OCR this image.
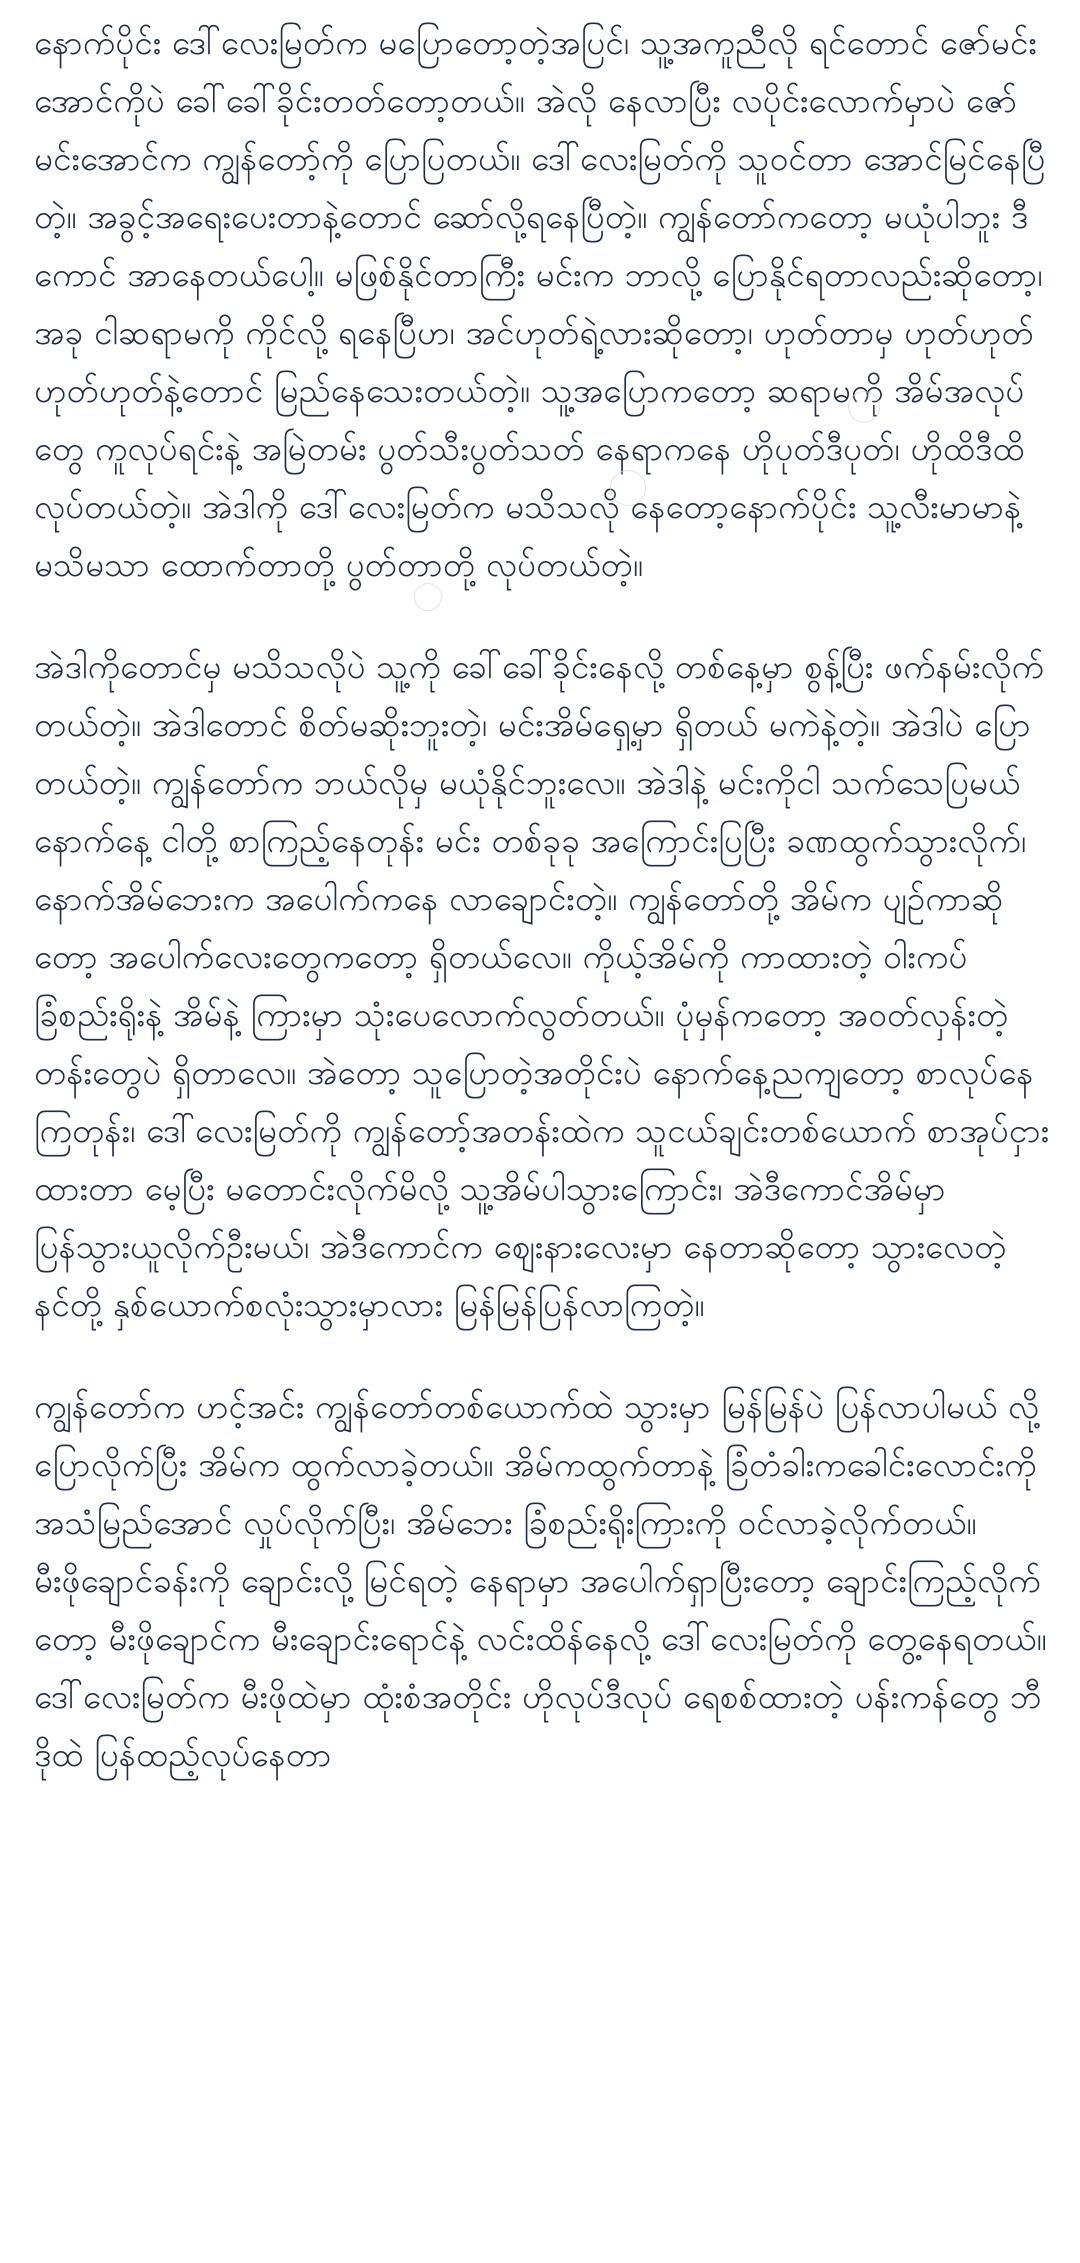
နောက်ပိုင်း ဒေါ်လေးမြတ်က မပြောတော့တဲ့အပြင်၊ သူ့အကူညီလို ရင်တောင် ဇော်မင်းအောင်ကိုပဲ ခေါ်ခေါ်ခိုင်းတတ်တော့တယ်။ အဲလို နေလာပြီး လပိုင်းလောက်မှာပဲ ဇော်မင်းအောင်က ကျွန်တော့်ကို ပြောပြတယ်။ ဒေါ်လေးမြတ်ကို သူဝင်တာ အောင်မြင်နေပြီတဲ့။ အခွင့်အရေးပေးတာနဲ့တောင် ဆော်လို့ရနေပြီတဲ့။ ကျွန်တော်ကတော့ မယုံပါဘူး ဒီကောင် အာနေတယ်ပေါ့။ မဖြစ်နိုင်တာကြီး မင်းက ဘာလို့ ပြောနိုင်ရတာလည်းဆိုတော့၊ အခု ငါဆရာမကို ကိုင်လို့ ရနေပြီဟ၊ အင်ဟုတ်ရဲ့လားဆိုတော့၊ ဟုတ်တာမှ ဟုတ်ဟုတ်ဟုတ်ဟုတ်နဲ့တောင် မြည်နေသေးတယ်တဲ့။ သူ့အပြောကတော့ ဆရာမကို အိမ်အလုပ်တွေ ကူလုပ်ရင်းနဲ့ အမြဲတမ်း ပွတ်သီးပွတ်သတ် နေရာကနေ ဟိုပုတ်ဒီပုတ်၊ ဟိုထိဒီထိလုပ်တယ်တဲ့။ အဲဒါကို ဒေါ်လေးမြတ်က မသိသလို နေတော့နောက်ပိုင်း သူ့လီးမာမာနဲ့ မသိမသာ ထောက်တာတို့ ပွတ်တာတို့ လုပ်တယ်တဲ့။

အဲဒါကိုတောင်မှ မသိသလိုပဲ သူ့ကို ခေါ်ခေါ်ခိုင်းနေလို့ တစ်နေ့မှာ စွန့်ပြီး ဖက်နမ်းလိုက်တယ်တဲ့။ အဲဒါတောင် စိတ်မဆိုးဘူးတဲ့၊ မင်းအိမ်ရှေ့မှာ ရှိတယ် မကဲနဲ့တဲ့။ အဲဒါပဲ ပြောတယ်တဲ့။ ကျွန်တော်က ဘယ်လိုမှ မယုံနိုင်ဘူးလေ။ အဲဒါနဲ့ မင်းကိုငါ သက်သေပြမယ် နောက်နေ့ ငါတို့ စာကြည့်နေတုန်း မင်း တစ်ခုခု အကြောင်းပြပြီး ခဏထွက်သွားလိုက်၊ နောက်အိမ်ဘေးက အပေါက်ကနေ လာချောင်းတဲ့။ ကျွန်တော်တို့ အိမ်က ပျဉ်ကာဆိုတော့ အပေါက်လေးတွေကတော့ ရှိတယ်လေ။ ကိုယ့်အိမ်ကို ကာထားတဲ့ ဝါးကပ်ခြံစည်းရိုးနဲ့ အိမ်နဲ့ ကြားမှာ သုံးပေလောက်လွတ်တယ်။ ပုံမှန်ကတော့ အဝတ်လှန်းတဲ့ တန်းတွေပဲ ရှိတာလေ။ အဲတော့ သူပြောတဲ့အတိုင်းပဲ နောက်နေ့ညကျတော့ စာလုပ်နေကြတုန်း၊ ဒေါ်လေးမြတ်ကို ကျွန်တော့်အတန်းထဲက သူငယ်ချင်းတစ်ယောက် စာအုပ်ငှားထားတာ မေ့ပြီး မတောင်းလိုက်မိလို့ သူ့အိမ်ပါသွားကြောင်း၊ အဲဒီကောင်အိမ်မှာ ပြန်သွားယူလိုက်ဦးမယ်၊ အဲဒီကောင်က ဈေးနားလေးမှာ နေတာဆိုတော့ သွားလေတဲ့ နင်တို့ နှစ်ယောက်စလုံးသွားမှာလား မြန်မြန်ပြန်လာကြတဲ့။

ကျွန်တော်က ဟင့်အင်း ကျွန်တော်တစ်ယောက်ထဲ သွားမှာ မြန်မြန်ပဲ ပြန်လာပါမယ် လို့ ပြောလိုက်ပြီး အိမ်က ထွက်လာခဲ့တယ်။ အိမ်ကထွက်တာနဲ့ ခြံတံခါးကခေါင်းလောင်းကို အသံမြည်အောင် လှုပ်လိုက်ပြီး၊ အိမ်ဘေး ခြံစည်းရိုးကြားကို ဝင်လာခဲ့လိုက်တယ်။ မီးဖိုချောင်ခန်းကို ချောင်းလို့ မြင်ရတဲ့ နေရာမှာ အပေါက်ရှာပြီးတော့ ချောင်းကြည့်လိုက်တော့ မီးဖိုချောင်က မီးချောင်းရောင်နဲ့ လင်းထိန်နေလို့ ဒေါ်လေးမြတ်ကို တွေ့နေရတယ်။ ဒေါ်လေးမြတ်က မီးဖိုထဲမှာ ထုံးစံအတိုင်း ဟိုလုပ်ဒီလုပ် ရေစစ်ထားတဲ့ ပန်းကန်တွေ ဘီဒိုထဲ ပြန်ထည့်လုပ်နေတာ
